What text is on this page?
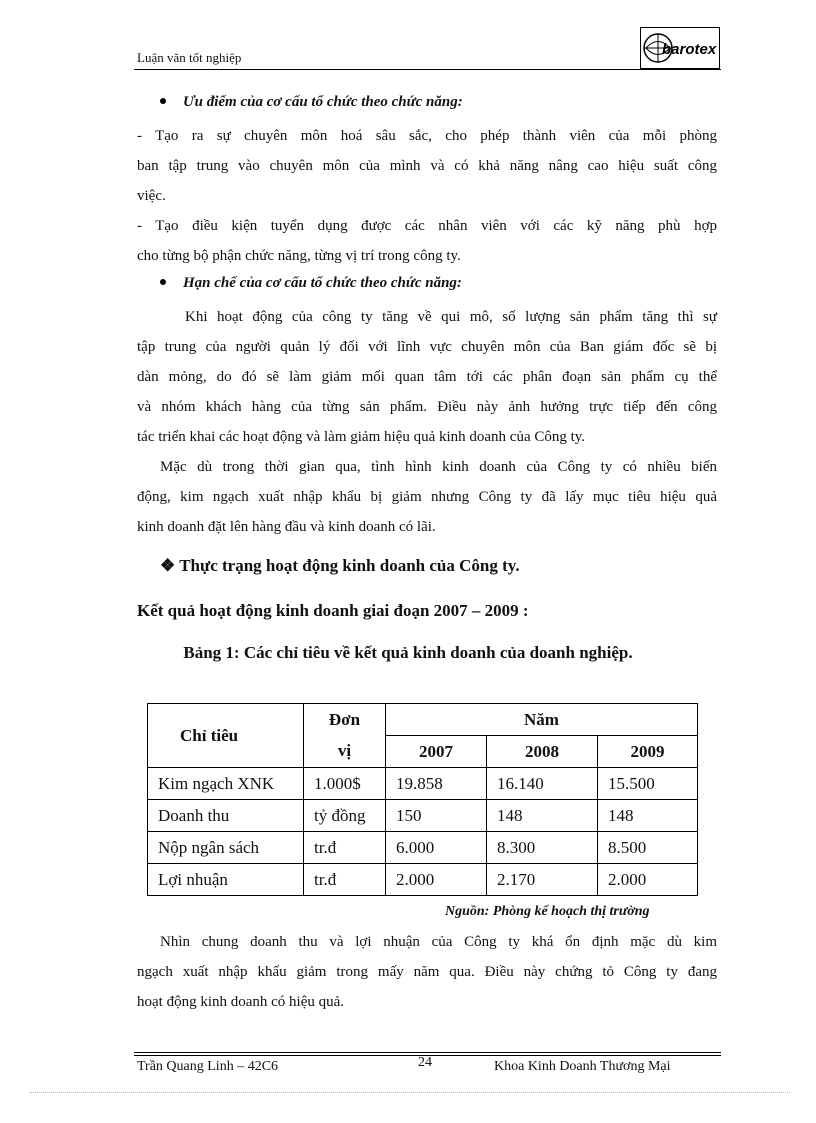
Luận văn tốt nghiệp	barotex
Ưu điểm của cơ cấu tổ chức theo chức năng:
- Tạo ra sự chuyên môn hoá sâu sắc, cho phép thành viên của mỗi phòng
ban tập trung vào chuyên môn của mình và có khả năng nâng cao hiệu suất công
việc.
- Tạo điều kiện tuyển dụng được các nhân viên với các kỹ năng phù hợp
cho từng bộ phận chức năng, từng vị trí trong công ty.
Hạn chế của cơ cấu tổ chức theo chức năng:
Khi hoạt động của công ty tăng về qui mô, số lượng sản phẩm tăng thì sự
tập trung của người quản lý đối với lĩnh vực chuyên môn của Ban giám đốc sẽ bị
dàn mỏng, do đó sẽ làm giảm mối quan tâm tới các phân đoạn sản phẩm cụ thể
và nhóm khách hàng của từng sản phẩm. Điều này ảnh hưởng trực tiếp đến công
tác triển khai các hoạt động và làm giảm hiệu quả kinh doanh của Công ty.
Mặc dù trong thời gian qua, tình hình kinh doanh của Công ty có nhiều biến
động, kim ngạch xuất nhập khẩu bị giảm nhưng Công ty đã lấy mục tiêu hiệu quả
kinh doanh đặt lên hàng đầu và kinh doanh có lãi.
❖ Thực trạng hoạt động kinh doanh của Công ty.
Kết quả hoạt động kinh doanh giai đoạn 2007 – 2009 :
Bảng 1: Các chỉ tiêu về kết quả kinh doanh của doanh nghiệp.
Chỉ tiêu	Đơn	Năm		
	vị	2007	2008	2009
Kim ngạch XNK	1.000$	19.858	16.140	15.500
Doanh thu	tỷ đồng	150	148	148
Nộp ngân sách	tr.đ	6.000	8.300	8.500
Lợi nhuận	tr.đ	2.000	2.170	2.000
Nguồn: Phòng kế hoạch thị trường
Nhìn chung doanh thu và lợi nhuận của Công ty khá ổn định mặc dù kim
ngạch xuất nhập khẩu giảm trong mấy năm qua. Điều này chứng tỏ Công ty đang
hoạt động kinh doanh có hiệu quả.
Trần Quang Linh – 42C6	24	Khoa Kinh Doanh Thương Mại
